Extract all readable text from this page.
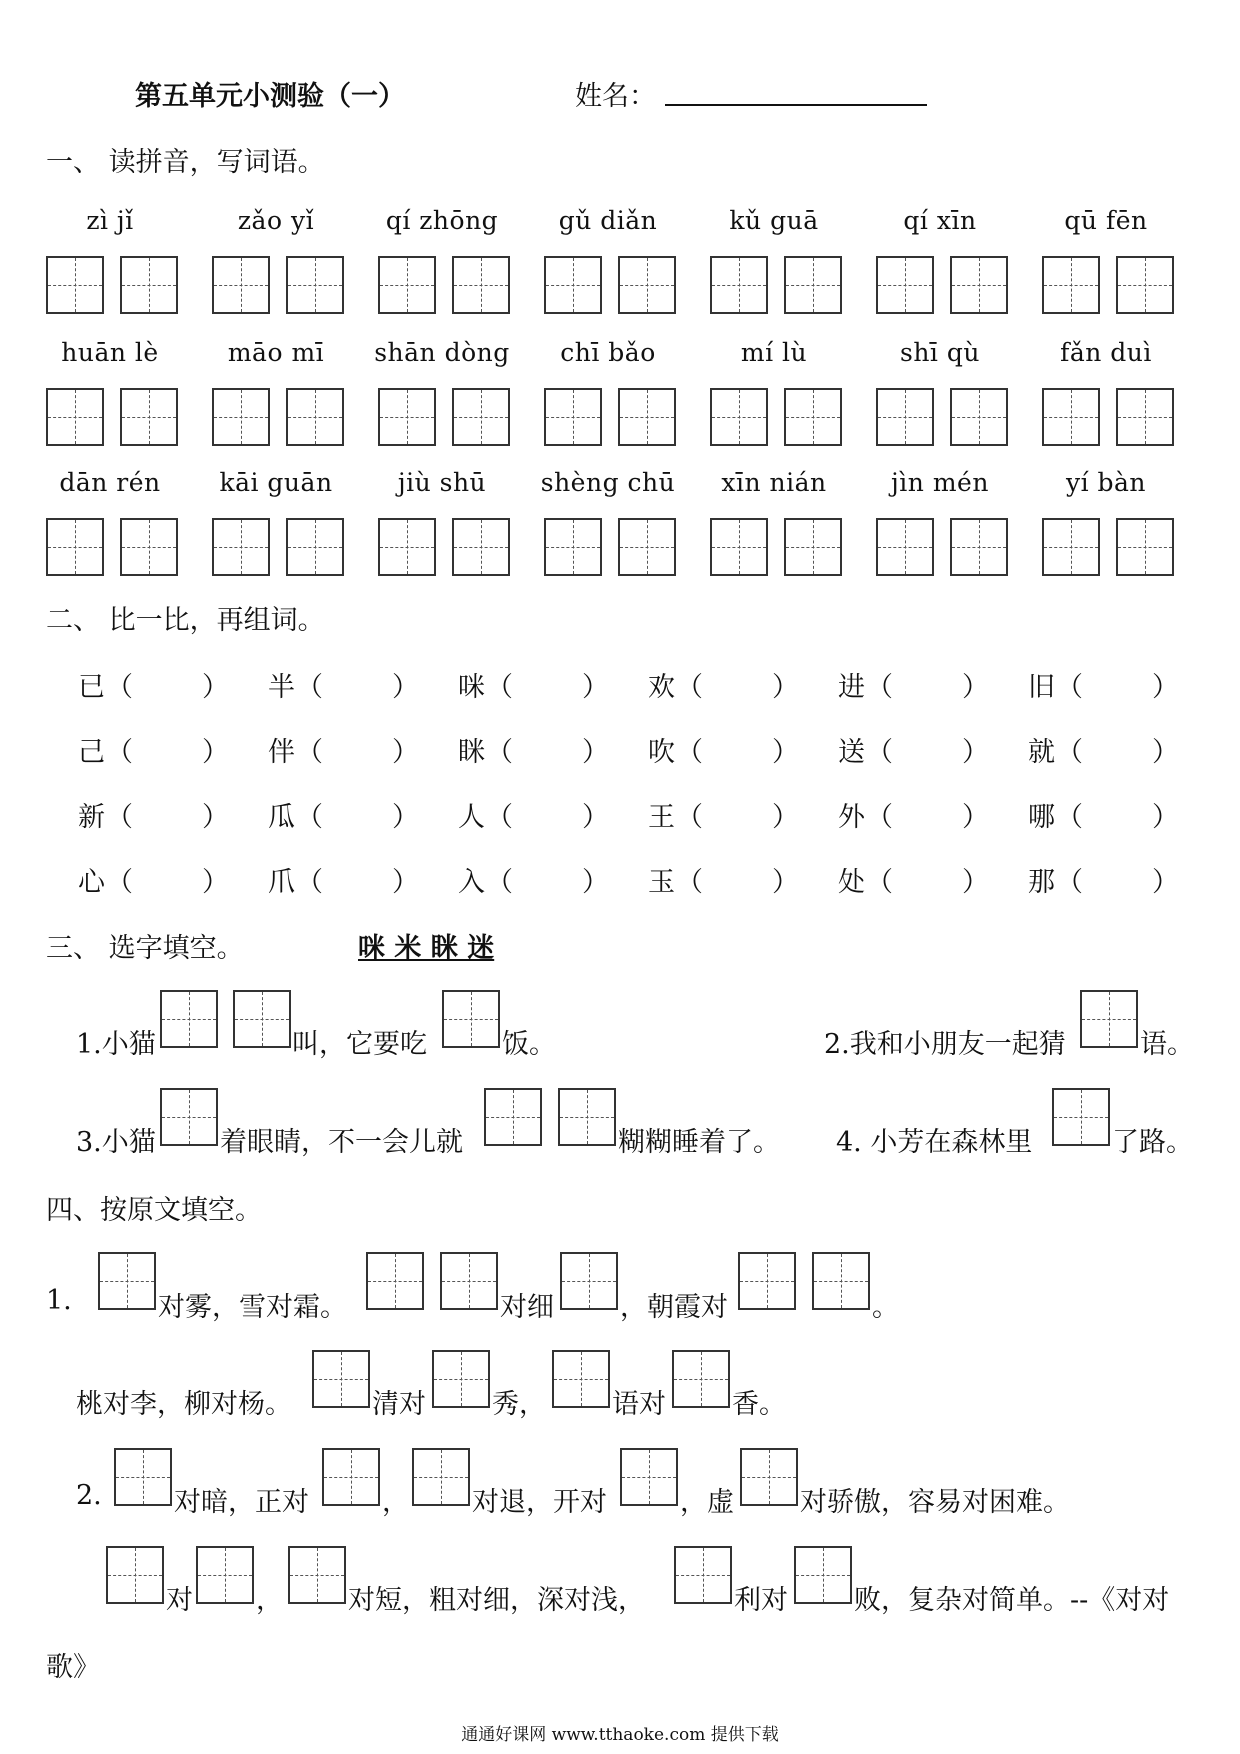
第五单元小测验（一）	姓名：
一、 读拼音，写词语。
zì jǐ	zǎo yǐ	qí zhōng	gǔ diǎn	kǔ guā	qí xīn	qū fēn
huān lè	māo mī	shān dòng	chī bǎo	mí lù	shī qù	fǎn duì
dān rén	kāi guān	jiù shū	shèng chū	xīn nián	jìn mén	yí bàn
二、 比一比，再组词。
已 （	） 半 （	） 咪 （	） 欢 （	） 进 （	） 旧 （	）
己 （	） 伴 （	） 眯 （	） 吹 （	） 送 （	） 就 （	）
新 （	） 瓜 （	） 人 （	） 王 （	） 外 （	） 哪 （	）
心 （	） 爪 （	） 入 （	） 玉 （	） 处 （	） 那 （	）
三、 选字填空。	咪 米 眯 迷
1.小猫	叫，它要吃	饭。	2.我和小朋友一起猜	语。
3.小猫 着眼睛，不一会儿就	糊糊睡着了。 4. 小芳在森林里	了路。
四、按原文填空。
1.	对雾，雪对霜。	对细 ，朝霞对	。
桃对李，柳对杨。	清对 秀， 语对 香。
2.	对暗，正对	， 对退，开对	，虚 对骄傲，容易对困难。
对 ， 对短，粗对细，深对浅，	利对 败，复杂对简单。--《对对
歌》
通通好课网 www.tthaoke.com 提供下载
